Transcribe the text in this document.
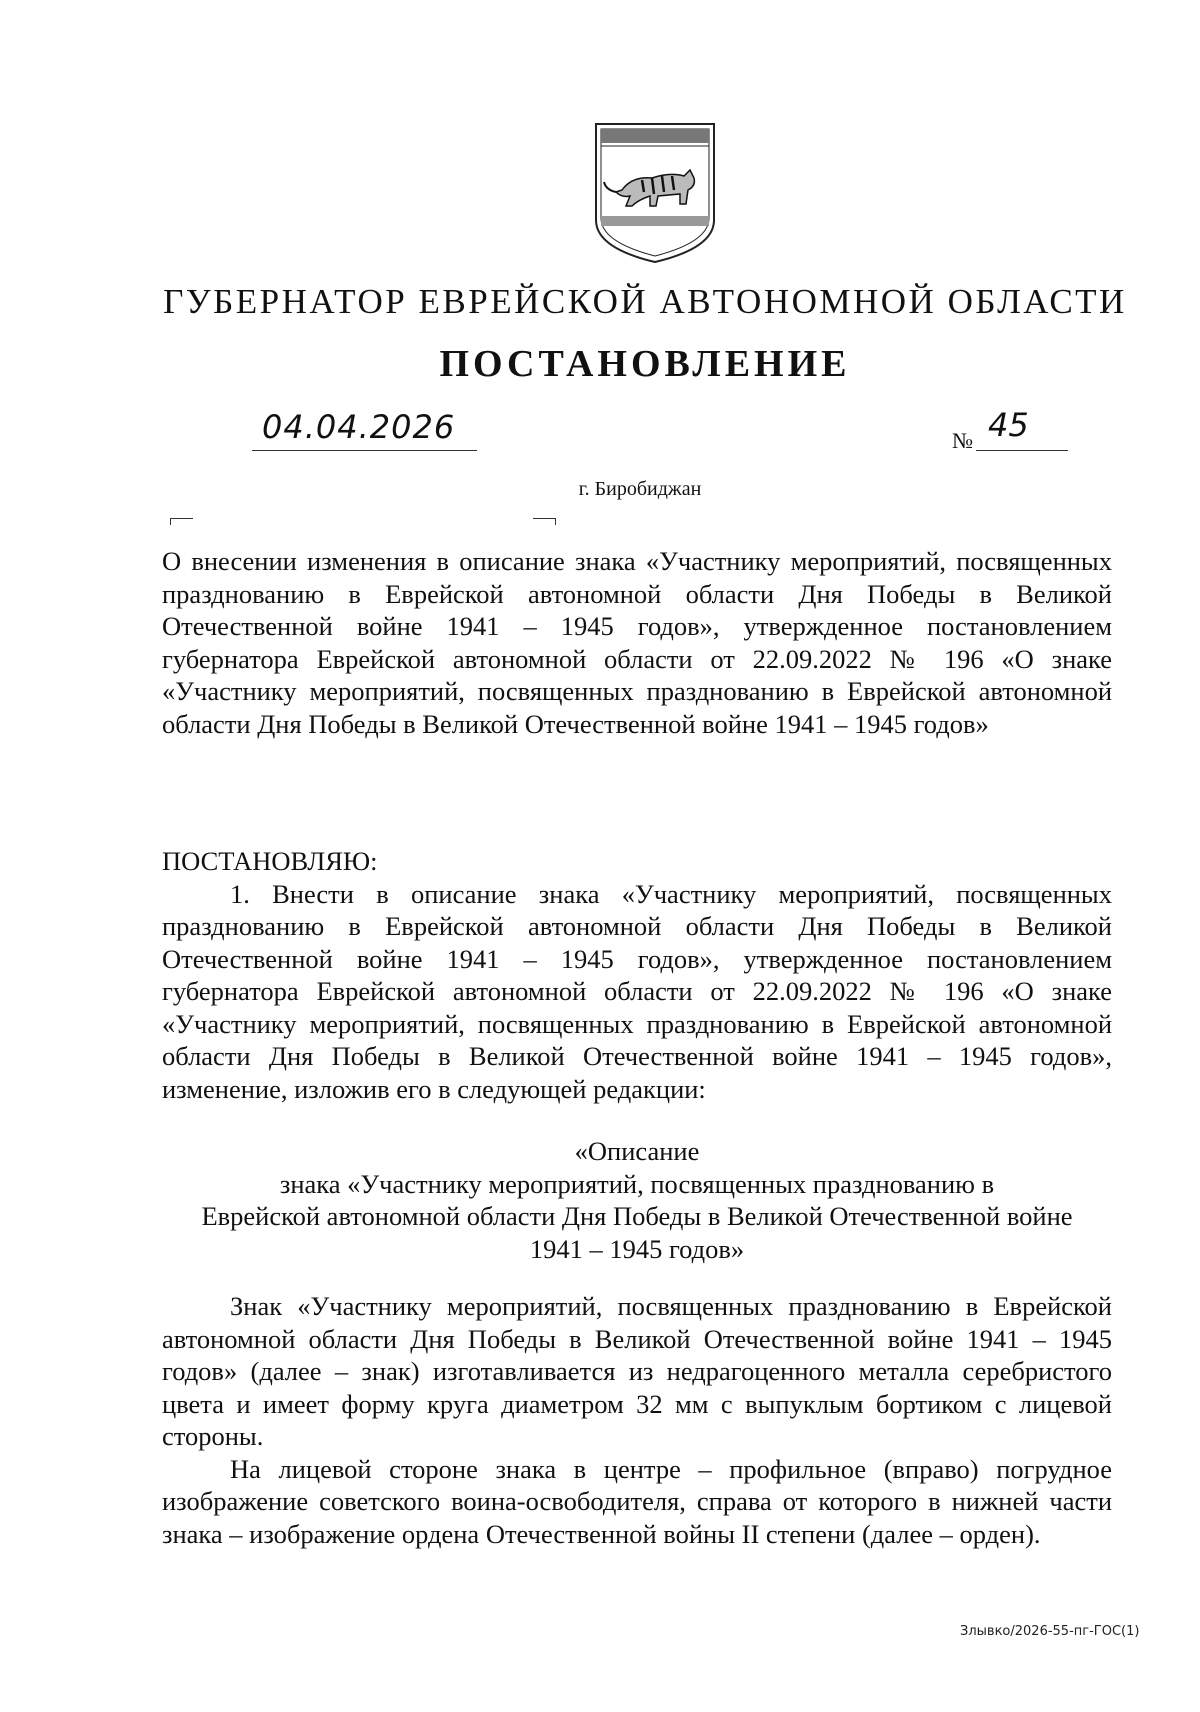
ГУБЕРНАТОР ЕВРЕЙСКОЙ АВТОНОМНОЙ ОБЛАСТИ
ПОСТАНОВЛЕНИЕ
04.04.2026	№ 45
г. Биробиджан
О внесении изменения в описание знака «Участнику мероприятий, посвященных празднованию в Еврейской автономной области Дня Победы в Великой Отечественной войне 1941 – 1945 годов», утвержденное постановлением губернатора Еврейской автономной области от 22.09.2022 № 196 «О знаке «Участнику мероприятий, посвященных празднованию в Еврейской автономной области Дня Победы в Великой Отечественной войне 1941 – 1945 годов»
ПОСТАНОВЛЯЮ:
1. Внести в описание знака «Участнику мероприятий, посвященных празднованию в Еврейской автономной области Дня Победы в Великой Отечественной войне 1941 – 1945 годов», утвержденное постановлением губернатора Еврейской автономной области от 22.09.2022 № 196 «О знаке «Участнику мероприятий, посвященных празднованию в Еврейской автономной области Дня Победы в Великой Отечественной войне 1941 – 1945 годов», изменение, изложив его в следующей редакции:
«Описание
знака «Участнику мероприятий, посвященных празднованию в
Еврейской автономной области Дня Победы в Великой Отечественной войне
1941 – 1945 годов»

Знак «Участнику мероприятий, посвященных празднованию в Еврейской автономной области Дня Победы в Великой Отечественной войне 1941 – 1945 годов» (далее – знак) изготавливается из недрагоценного металла серебристого цвета и имеет форму круга диаметром 32 мм с выпуклым бортиком с лицевой стороны.

На лицевой стороне знака в центре – профильное (вправо) погрудное изображение советского воина-освободителя, справа от которого в нижней части знака – изображение ордена Отечественной войны II степени (далее – орден).

Злывко/2026-55-пг-ГОС(1)
